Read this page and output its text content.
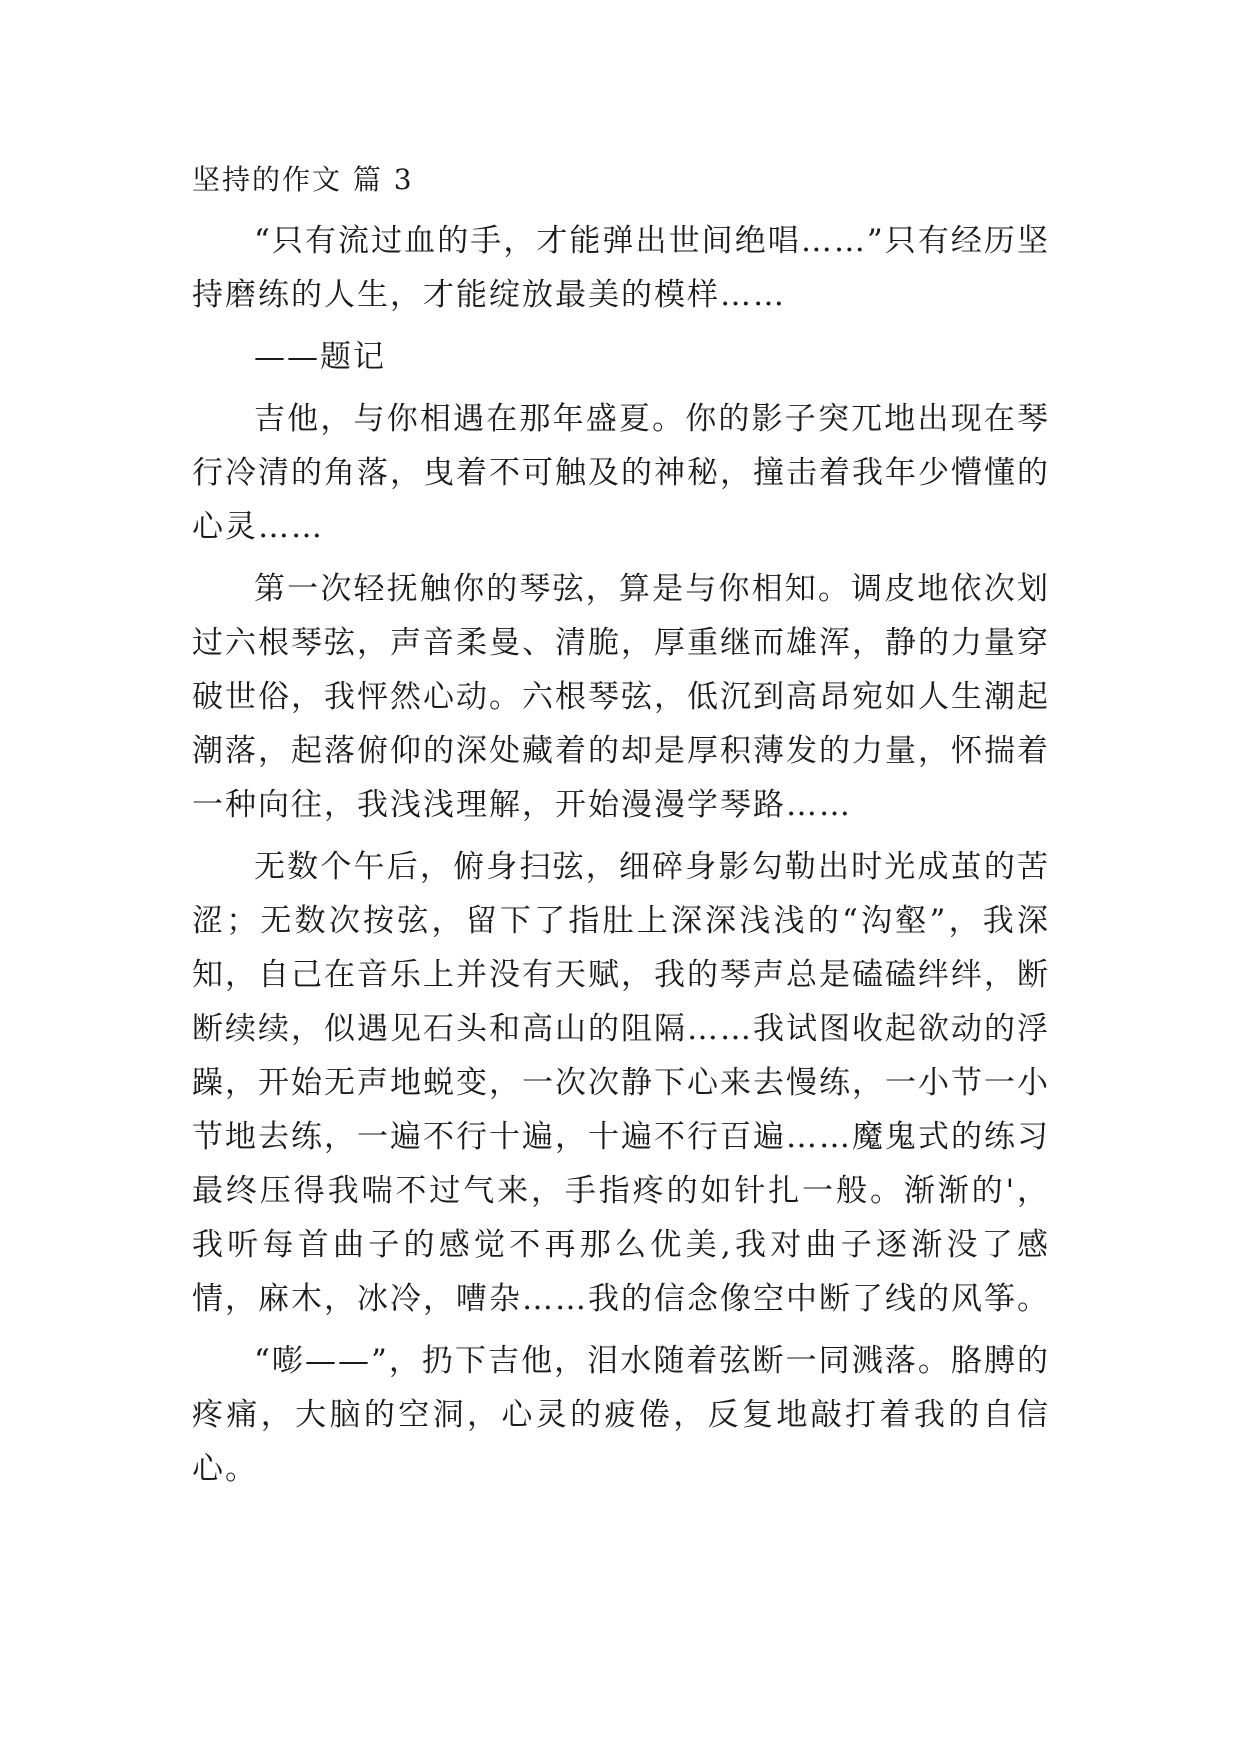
坚持的作文 篇 3

“只有流过血的手，才能弹出世间绝唱……”只有经历坚持磨练的人生，才能绽放最美的模样……

——题记

吉他，与你相遇在那年盛夏。你的影子突兀地出现在琴行冷清的角落，曳着不可触及的神秘，撞击着我年少懵懂的心灵……

第一次轻抚触你的琴弦，算是与你相知。调皮地依次划过六根琴弦，声音柔曼、清脆，厚重继而雄浑，静的力量穿破世俗，我怦然心动。六根琴弦，低沉到高昂宛如人生潮起潮落，起落俯仰的深处藏着的却是厚积薄发的力量，怀揣着一种向往，我浅浅理解，开始漫漫学琴路……

无数个午后，俯身扫弦，细碎身影勾勒出时光成茧的苦涩；无数次按弦，留下了指肚上深深浅浅的“沟壑”，我深知，自己在音乐上并没有天赋，我的琴声总是磕磕绊绊，断断续续，似遇见石头和高山的阻隔……我试图收起欲动的浮躁，开始无声地蜕变，一次次静下心来去慢练，一小节一小节地去练，一遍不行十遍，十遍不行百遍……魔鬼式的练习最终压得我喘不过气来，手指疼的如针扎一般。渐渐的'，我听每首曲子的感觉不再那么优美,我对曲子逐渐没了感情，麻木，冰冷，嘈杂……我的信念像空中断了线的风筝。

“嘭——”，扔下吉他，泪水随着弦断一同溅落。胳膊的疼痛，大脑的空洞，心灵的疲倦，反复地敲打着我的自信心。
